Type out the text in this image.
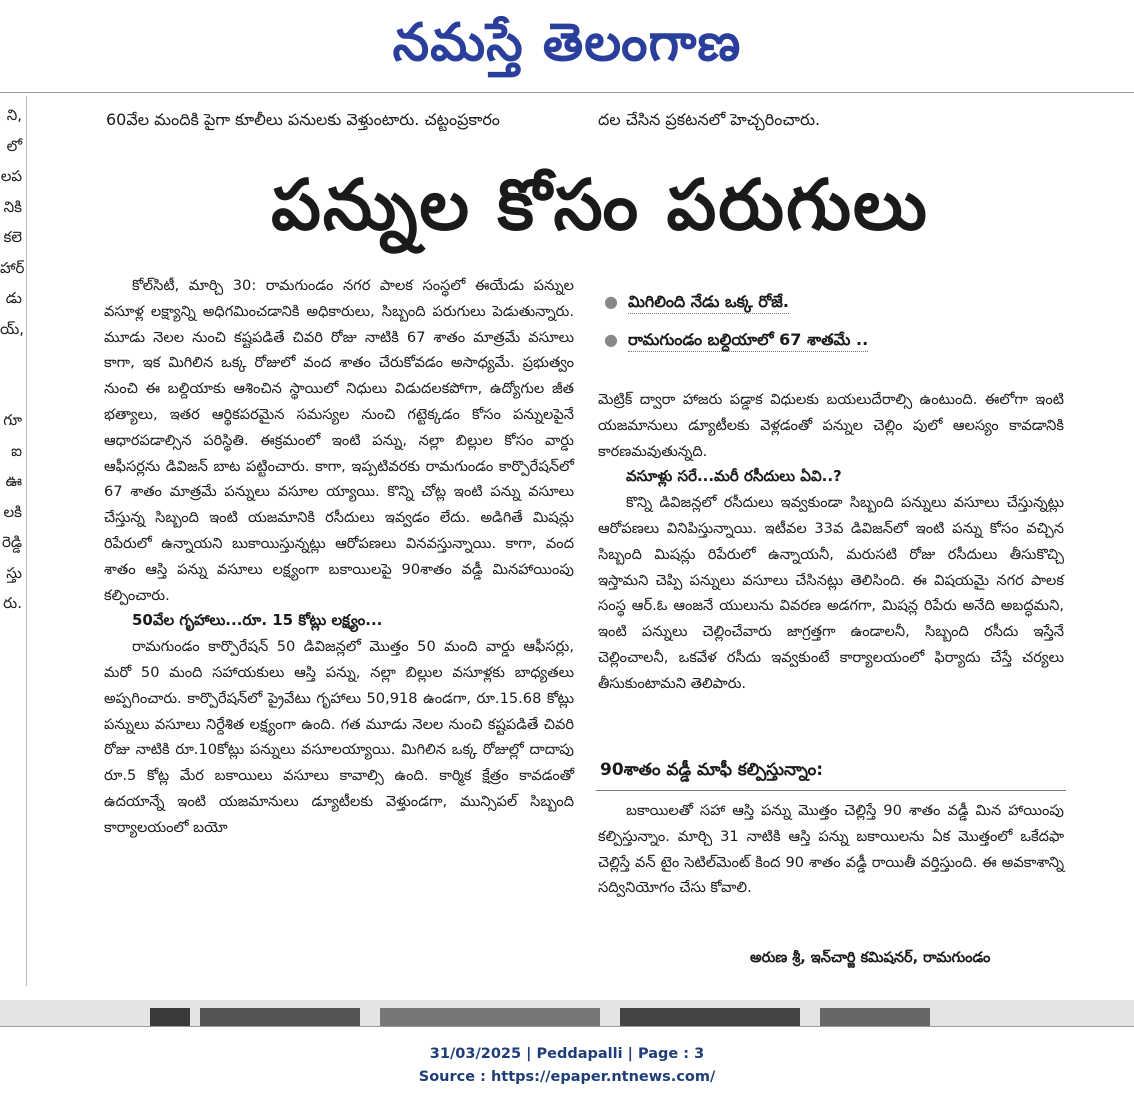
నమస్తే తెలంగాణ
ని,
లో
లప
నికి
కలె
హార్
డు
య్,

గూ
ఐ
ఊ
లకి
రెడ్డి
స్తు
రు.
60వేల మందికి పైగా కూలీలు పనులకు వెళ్తుంటారు. చట్టంప్రకారం	దల చేసిన ప్రకటనలో హెచ్చరించారు.
పన్నుల కోసం పరుగులు

కోల్‌సిటీ, మార్చి 30: రామగుండం నగర పాలక సంస్థలో ఈయేడు పన్నుల వసూళ్ల లక్ష్యాన్ని అధిగమించడానికి అధికారులు, సిబ్బంది పరుగులు పెడుతున్నారు. మూడు నెలల నుంచి కష్టపడితే చివరి రోజు నాటికి 67 శాతం మాత్రమే వసూలు కాగా, ఇక మిగిలిన ఒక్క రోజులో వంద శాతం చేరుకోవడం అసాధ్యమే. ప్రభుత్వం నుంచి ఈ బల్దియాకు ఆశించిన స్థాయిలో నిధులు విడుదలకపోగా, ఉద్యోగుల జీత భత్యాలు, ఇతర ఆర్థికపరమైన సమస్యల నుంచి గట్టెక్కడం కోసం పన్నులపైనే ఆధారపడాల్సిన పరిస్థితి. ఈక్రమంలో ఇంటి పన్ను, నల్లా బిల్లుల కోసం వార్డు ఆఫీసర్లను డివిజన్ బాట పట్టించారు. కాగా, ఇప్పటివరకు రామగుండం కార్పొరేషన్‌లో 67 శాతం మాత్రమే పన్నులు వసూల య్యాయి. కొన్ని చోట్ల ఇంటి పన్ను వసూలు చేస్తున్న సిబ్బంది ఇంటి యజమానికి రసీదులు ఇవ్వడం లేదు. అడిగితే మిషన్లు రిపేరులో ఉన్నాయని బుకాయిస్తున్నట్లు ఆరోపణలు వినవస్తున్నాయి. కాగా, వంద శాతం ఆస్తి పన్ను వసూలు లక్ష్యంగా బకాయిలపై 90శాతం వడ్డీ మినహాయింపు కల్పించారు.

50వేల గృహాలు...రూ. 15 కోట్లు లక్ష్యం...

రామగుండం కార్పొరేషన్ 50 డివిజన్లలో మొత్తం 50 మంది వార్డు ఆఫీసర్లు, మరో 50 మంది సహాయకులు ఆస్తి పన్ను, నల్లా బిల్లుల వసూళ్లకు బాధ్యతలు అప్పగించారు. కార్పొరేషన్‌లో ప్రైవేటు గృహాలు 50,918 ఉండగా, రూ.15.68 కోట్లు పన్నులు వసూలు నిర్దేశిత లక్ష్యంగా ఉంది. గత మూడు నెలల నుంచి కష్టపడితే చివరి రోజు నాటికి రూ.10కోట్లు పన్నులు వసూలయ్యాయి. మిగిలిన ఒక్క రోజుల్లో దాదాపు రూ.5 కోట్ల మేర బకాయిలు వసూలు కావాల్సి ఉంది. కార్మిక క్షేత్రం కావడంతో ఉదయాన్నే ఇంటి యజమానులు డ్యూటీలకు వెళ్తుండగా, మున్సిపల్ సిబ్బంది కార్యాలయంలో బయో

● మిగిలింది నేడు ఒక్క రోజే.
● రామగుండం బల్దియాలో 67 శాతమే ..

మెట్రిక్ ద్వారా హాజరు పడ్డాక విధులకు బయలుదేరాల్సి ఉంటుంది. ఈలోగా ఇంటి యజమానులు డ్యూటీలకు వెళ్లడంతో పన్నుల చెల్లిం పులో ఆలస్యం కావడానికి కారణమవుతున్నది.

వసూళ్లు సరే...మరీ రసీదులు ఏవి..?

కొన్ని డివిజన్లలో రసీదులు ఇవ్వకుండా సిబ్బంది పన్నులు వసూలు చేస్తున్నట్లు ఆరోపణలు వినిపిస్తున్నాయి. ఇటీవల 33వ డివిజన్‌లో ఇంటి పన్ను కోసం వచ్చిన సిబ్బంది మిషన్లు రిపేరులో ఉన్నాయనీ, మరుసటి రోజు రసీదులు తీసుకొచ్చి ఇస్తామని చెప్పి పన్నులు వసూలు చేసినట్లు తెలిసింది. ఈ విషయమై నగర పాలక సంస్థ ఆర్.ఓ ఆంజనే యులును వివరణ అడగగా, మిషన్ల రిపేరు అనేది అబద్ధమని, ఇంటి పన్నులు చెల్లించేవారు జాగ్రత్తగా ఉండాలనీ, సిబ్బంది రసీదు ఇస్తేనే చెల్లించాలనీ, ఒకవేళ రసీదు ఇవ్వకుంటే కార్యాలయంలో ఫిర్యాదు చేస్తే చర్యలు తీసుకుంటామని తెలిపారు.

90శాతం వడ్డీ మాఫీ కల్పిస్తున్నాం:

బకాయిలతో సహా ఆస్తి పన్ను మొత్తం చెల్లిస్తే 90 శాతం వడ్డీ మిన హాయింపు కల్పిస్తున్నాం. మార్చి 31 నాటికి ఆస్తి పన్ను బకాయిలను ఏక మొత్తంలో ఒకేదఫా చెల్లిస్తే వన్ టైం సెటిల్‌మెంట్ కింద 90 శాతం వడ్డీ రాయితీ వర్తిస్తుంది. ఈ అవకాశాన్ని సద్వినియోగం చేసు కోవాలి.

అరుణ శ్రీ, ఇన్‌చార్జి కమిషనర్, రామగుండం
31/03/2025 | Peddapalli | Page : 3
Source : https://epaper.ntnews.com/
